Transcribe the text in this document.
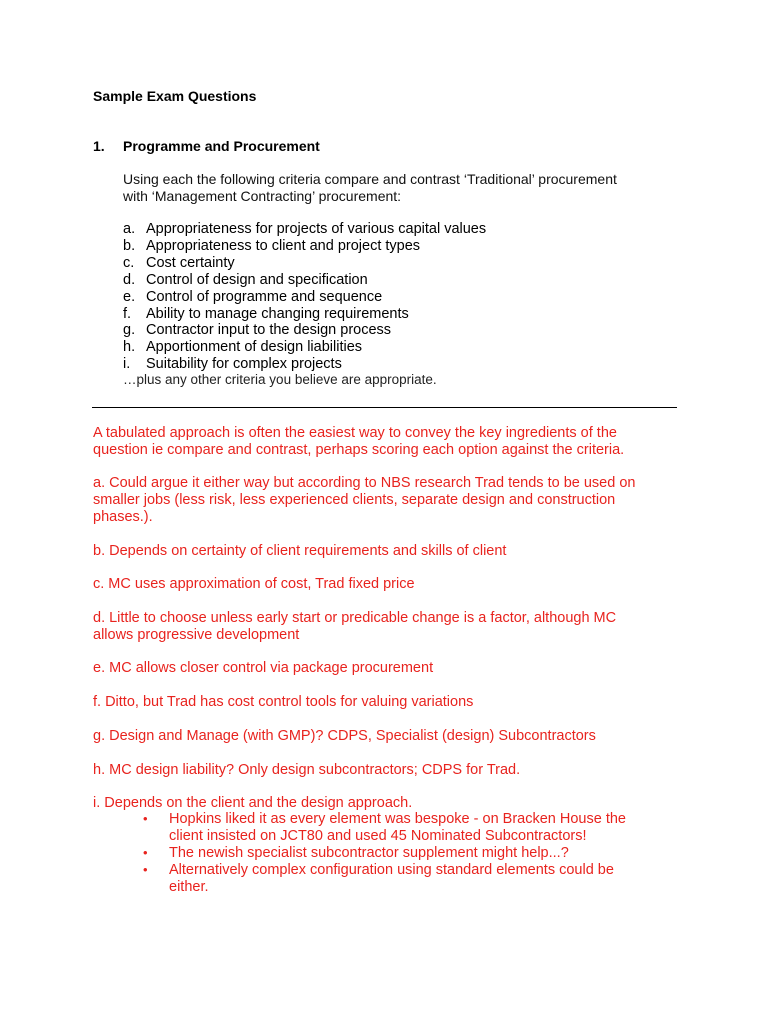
Sample Exam Questions
1. Programme and Procurement
Using each the following criteria compare and contrast ‘Traditional’ procurement
with ‘Management Contracting’ procurement:
a. Appropriateness for projects of various capital values
b. Appropriateness to client and project types
c. Cost certainty
d. Control of design and specification
e. Control of programme and sequence
f.	Ability to manage changing requirements
g. Contractor input to the design process
h. Apportionment of design liabilities
i.	Suitability for complex projects
…plus any other criteria you believe are appropriate.
A tabulated approach is often the easiest way to convey the key ingredients of the
question ie compare and contrast, perhaps scoring each option against the criteria.
a. Could argue it either way but according to NBS research Trad tends to be used on
smaller jobs (less risk, less experienced clients, separate design and construction
phases.).
b. Depends on certainty of client requirements and skills of client
c. MC uses approximation of cost, Trad fixed price
d. Little to choose unless early start or predicable change is a factor, although MC
allows progressive development
e. MC allows closer control via package procurement
f. Ditto, but Trad has cost control tools for valuing variations
g. Design and Manage (with GMP)? CDPS, Specialist (design) Subcontractors
h. MC design liability? Only design subcontractors; CDPS for Trad.
i. Depends on the client and the design approach.
•	Hopkins liked it as every element was bespoke - on Bracken House the
client insisted on JCT80 and used 45 Nominated Subcontractors!
•	The newish specialist subcontractor supplement might help...?
•	Alternatively complex configuration using standard elements could be
either.
